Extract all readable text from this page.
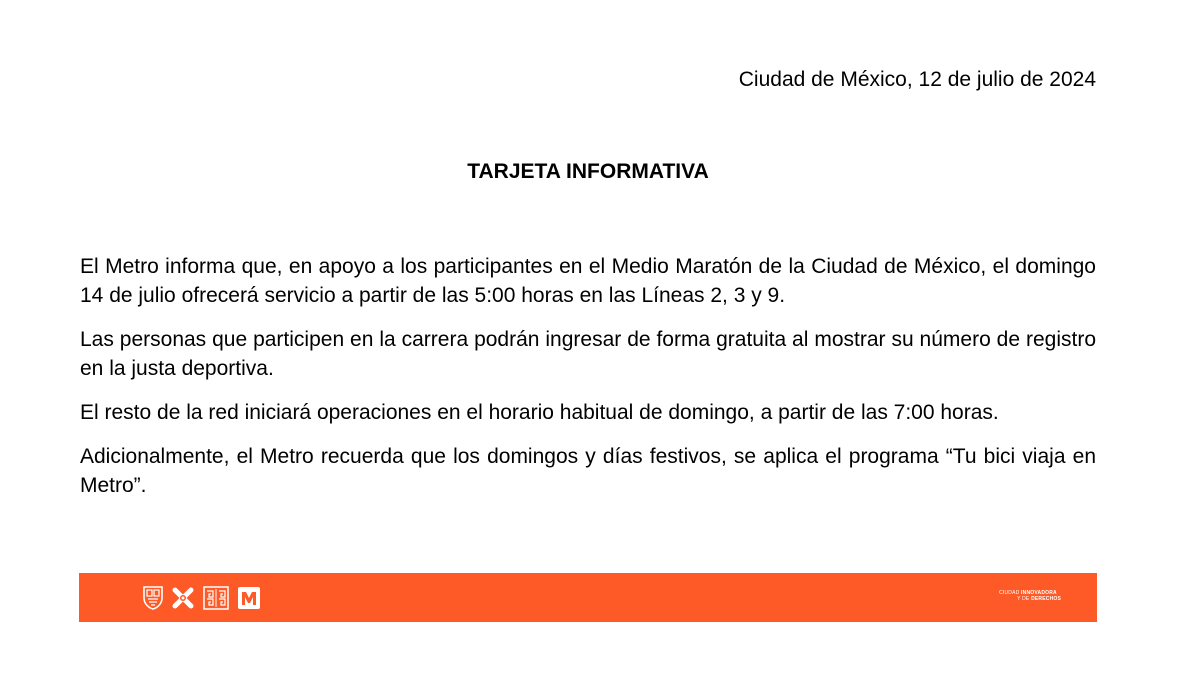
Ciudad de México, 12 de julio de 2024
TARJETA INFORMATIVA

El Metro informa que, en apoyo a los participantes en el Medio Maratón de la Ciudad de México, el domingo 14 de julio ofrecerá servicio a partir de las 5:00 horas en las Líneas 2, 3 y 9.

Las personas que participen en la carrera podrán ingresar de forma gratuita al mostrar su número de registro en la justa deportiva.

El resto de la red iniciará operaciones en el horario habitual de domingo, a partir de las 7:00 horas.

Adicionalmente, el Metro recuerda que los domingos y días festivos, se aplica el programa “Tu bici viaja en Metro”.

CIUDAD INNOVADORA
Y DE DERECHOS
